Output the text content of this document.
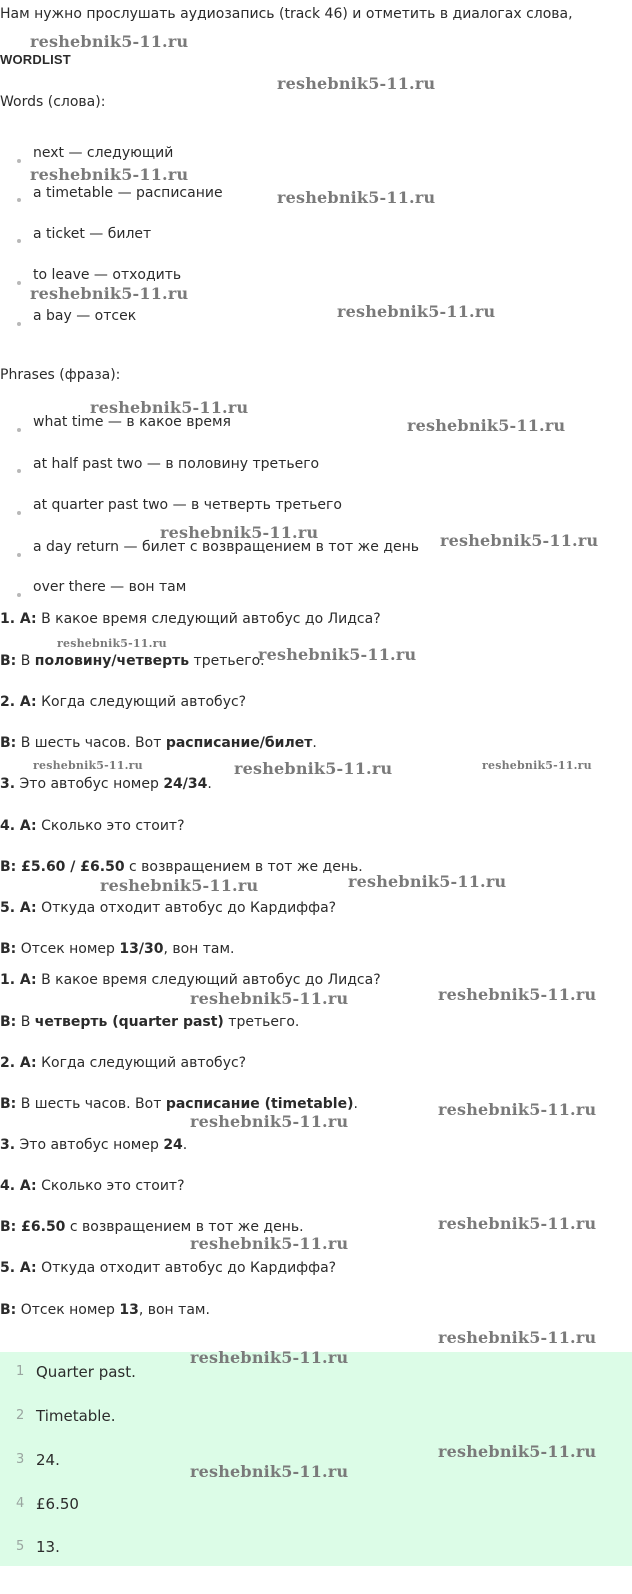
Нам нужно прослушать аудиозапись (track 46) и отметить в диалогах слова,
WORDLIST
Words (слова):
next — следующий
a timetable — расписание
a ticket — билет
to leave — отходить
a bay — отсек
Phrases (фраза):
what time — в какое время
at half past two — в половину третьего
at quarter past two — в четверть третьего
a day return — билет с возвращением в тот же день
over there — вон там
1. A: В какое время следующий автобус до Лидса?
B: В половину/четверть третьего.
2. A: Когда следующий автобус?
B: В шесть часов. Вот расписание/билет.
3. Это автобус номер 24/34.
4. A: Сколько это стоит?
B: £5.60 / £6.50 с возвращением в тот же день.
5. A: Откуда отходит автобус до Кардиффа?
B: Отсек номер 13/30, вон там.
1. A: В какое время следующий автобус до Лидса?
B: В четверть (quarter past) третьего.
2. A: Когда следующий автобус?
B: В шесть часов. Вот расписание (timetable).
3. Это автобус номер 24.
4. A: Сколько это стоит?
B: £6.50 с возвращением в тот же день.
5. A: Откуда отходит автобус до Кардиффа?
B: Отсек номер 13, вон там.
1 Quarter past.
2 Timetable.
3 24.
4 £6.50
5 13.
reshebnik5-11.ru
reshebnik5-11.ru
reshebnik5-11.ru
reshebnik5-11.ru
reshebnik5-11.ru
reshebnik5-11.ru
reshebnik5-11.ru
reshebnik5-11.ru
reshebnik5-11.ru	reshebnik5-11.ru
reshebnik5-11.ru
reshebnik5-11.ru
reshebnik5-11.ru	reshebnik5-11.ru	reshebnik5-11.ru
reshebnik5-11.ru	reshebnik5-11.ru
reshebnik5-11.ru	reshebnik5-11.ru
reshebnik5-11.ru
reshebnik5-11.ru
reshebnik5-11.ru
reshebnik5-11.ru
reshebnik5-11.ru
reshebnik5-11.ru
reshebnik5-11.ru
reshebnik5-11.ru
